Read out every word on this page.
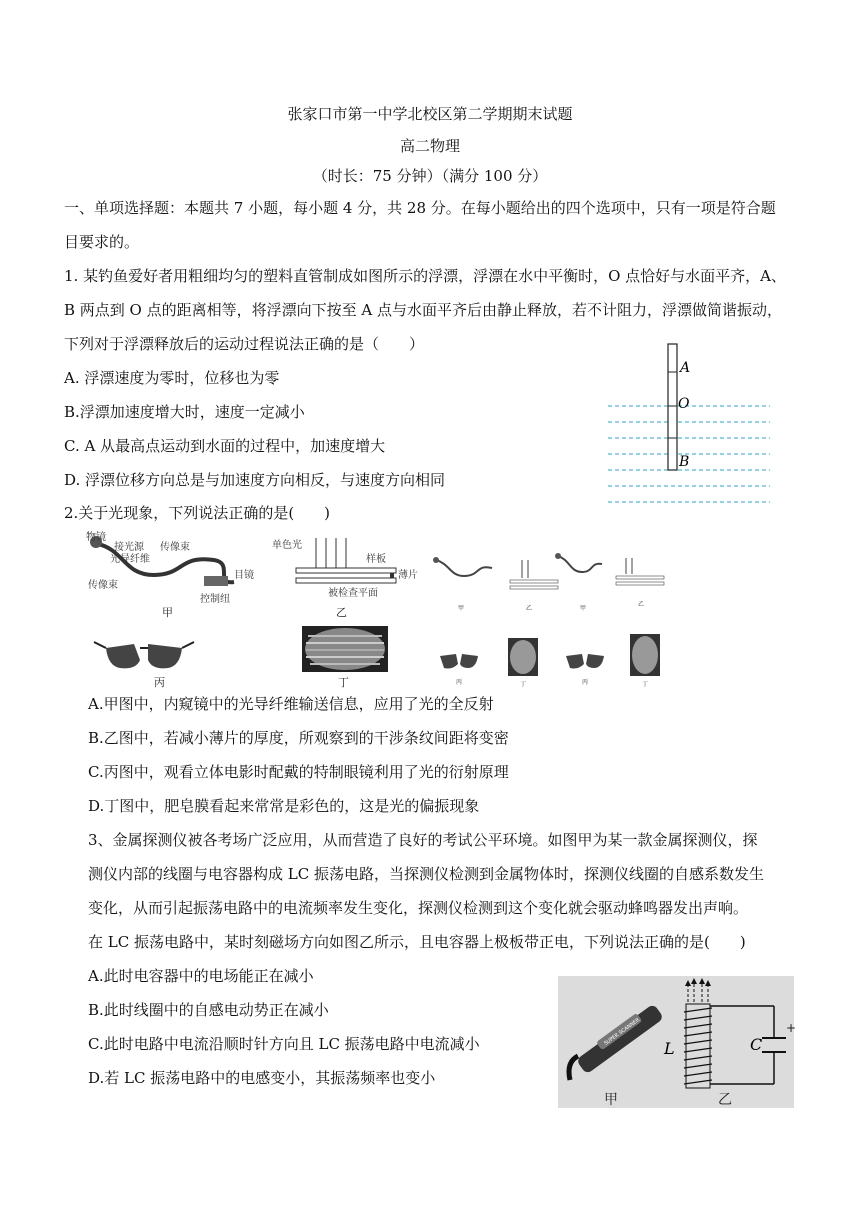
张家口市第一中学北校区第二学期期末试题
高二物理
（时长：75 分钟）（满分 100 分）
一、单项选择题：本题共 7 小题，每小题 4 分，共 28 分。在每小题给出的四个选项中，只有一项是符合题
目要求的。
1. 某钓鱼爱好者用粗细均匀的塑料直管制成如图所示的浮漂，浮漂在水中平衡时，O 点恰好与水面平齐，A、
B 两点到 O 点的距离相等，将浮漂向下按至 A 点与水面平齐后由静止释放，若不计阻力，浮漂做简谐振动，
下列对于浮漂释放后的运动过程说法正确的是（　　）
A. 浮漂速度为零时，位移也为零
B.浮漂加速度增大时，速度一定减小
C. A 从最高点运动到水面的过程中，加速度增大
D. 浮漂位移方向总是与加速度方向相反，与速度方向相同
A
O
B
2.关于光现象，下列说法正确的是(　　)
物镜
接光源 传像束
光导纤维
传像束
目镜
控制纽
甲
单色光
样板
薄片
被检查平面
乙
丙	丁
甲	乙	甲
乙
丙	丁	丙	丁
A.甲图中，内窥镜中的光导纤维输送信息，应用了光的全反射
B.乙图中，若减小薄片的厚度，所观察到的干涉条纹间距将变密
C.丙图中，观看立体电影时配戴的特制眼镜利用了光的衍射原理
D.丁图中，肥皂膜看起来常常是彩色的，这是光的偏振现象
3、金属探测仪被各考场广泛应用，从而营造了良好的考试公平环境。如图甲为某一款金属探测仪，探
测仪内部的线圈与电容器构成 LC 振荡电路，当探测仪检测到金属物体时，探测仪线圈的自感系数发生
变化，从而引起振荡电路中的电流频率发生变化，探测仪检测到这个变化就会驱动蜂鸣器发出声响。
在 LC 振荡电路中，某时刻磁场方向如图乙所示，且电容器上极板带正电，下列说法正确的是(　　)
A.此时电容器中的电场能正在减小
B.此时线圈中的自感电动势正在减小
C.此时电路中电流沿顺时针方向且 LC 振荡电路中电流减小
D.若 LC 振荡电路中的电感变小，其振荡频率也变小
SUPER SCANNER
甲
+
C
L
乙
